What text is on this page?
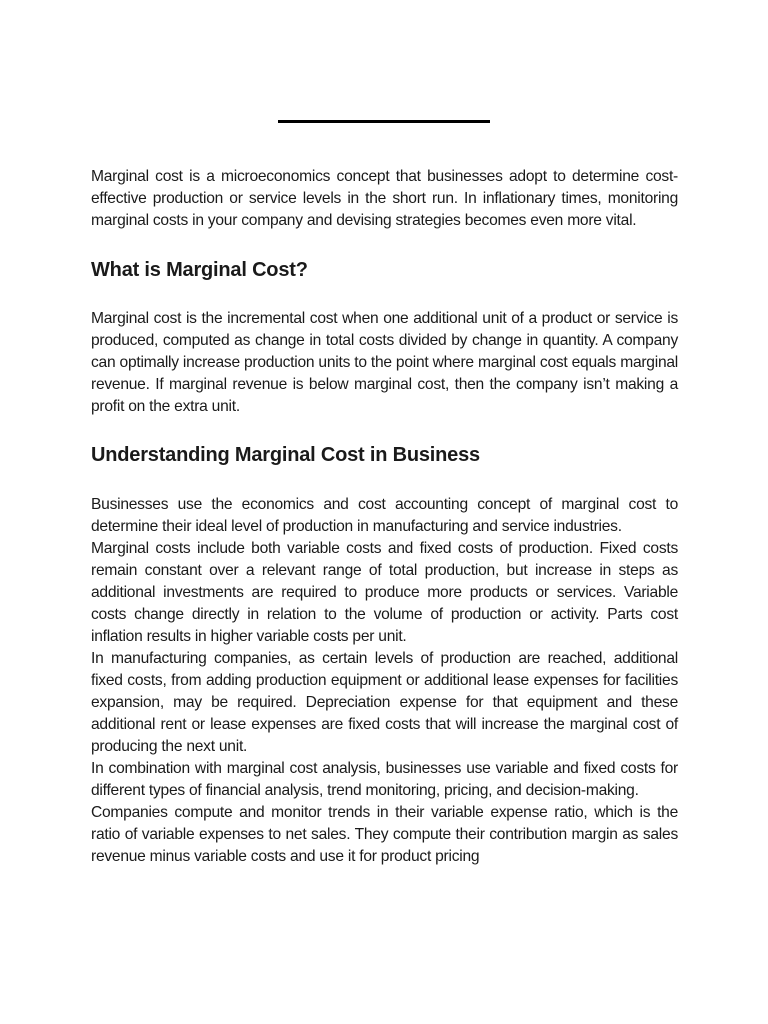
Marginal cost is a microeconomics concept that businesses adopt to determine cost-effective production or service levels in the short run. In inflationary times, monitoring marginal costs in your company and devising strategies becomes even more vital.

What is Marginal Cost?

Marginal cost is the incremental cost when one additional unit of a product or service is produced, computed as change in total costs divided by change in quantity. A company can optimally increase production units to the point where marginal cost equals marginal revenue. If marginal revenue is below marginal cost, then the company isn’t making a profit on the extra unit.

Understanding Marginal Cost in Business

Businesses use the economics and cost accounting concept of marginal cost to determine their ideal level of production in manufacturing and service industries.

Marginal costs include both variable costs and fixed costs of production. Fixed costs remain constant over a relevant range of total production, but increase in steps as additional investments are required to produce more products or services. Variable costs change directly in relation to the volume of production or activity. Parts cost inflation results in higher variable costs per unit.

In manufacturing companies, as certain levels of production are reached, additional fixed costs, from adding production equipment or additional lease expenses for facilities expansion, may be required. Depreciation expense for that equipment and these additional rent or lease expenses are fixed costs that will increase the marginal cost of producing the next unit.

In combination with marginal cost analysis, businesses use variable and fixed costs for different types of financial analysis, trend monitoring, pricing, and decision-making.

Companies compute and monitor trends in their variable expense ratio, which is the ratio of variable expenses to net sales. They compute their contribution margin as sales revenue minus variable costs and use it for product pricing
